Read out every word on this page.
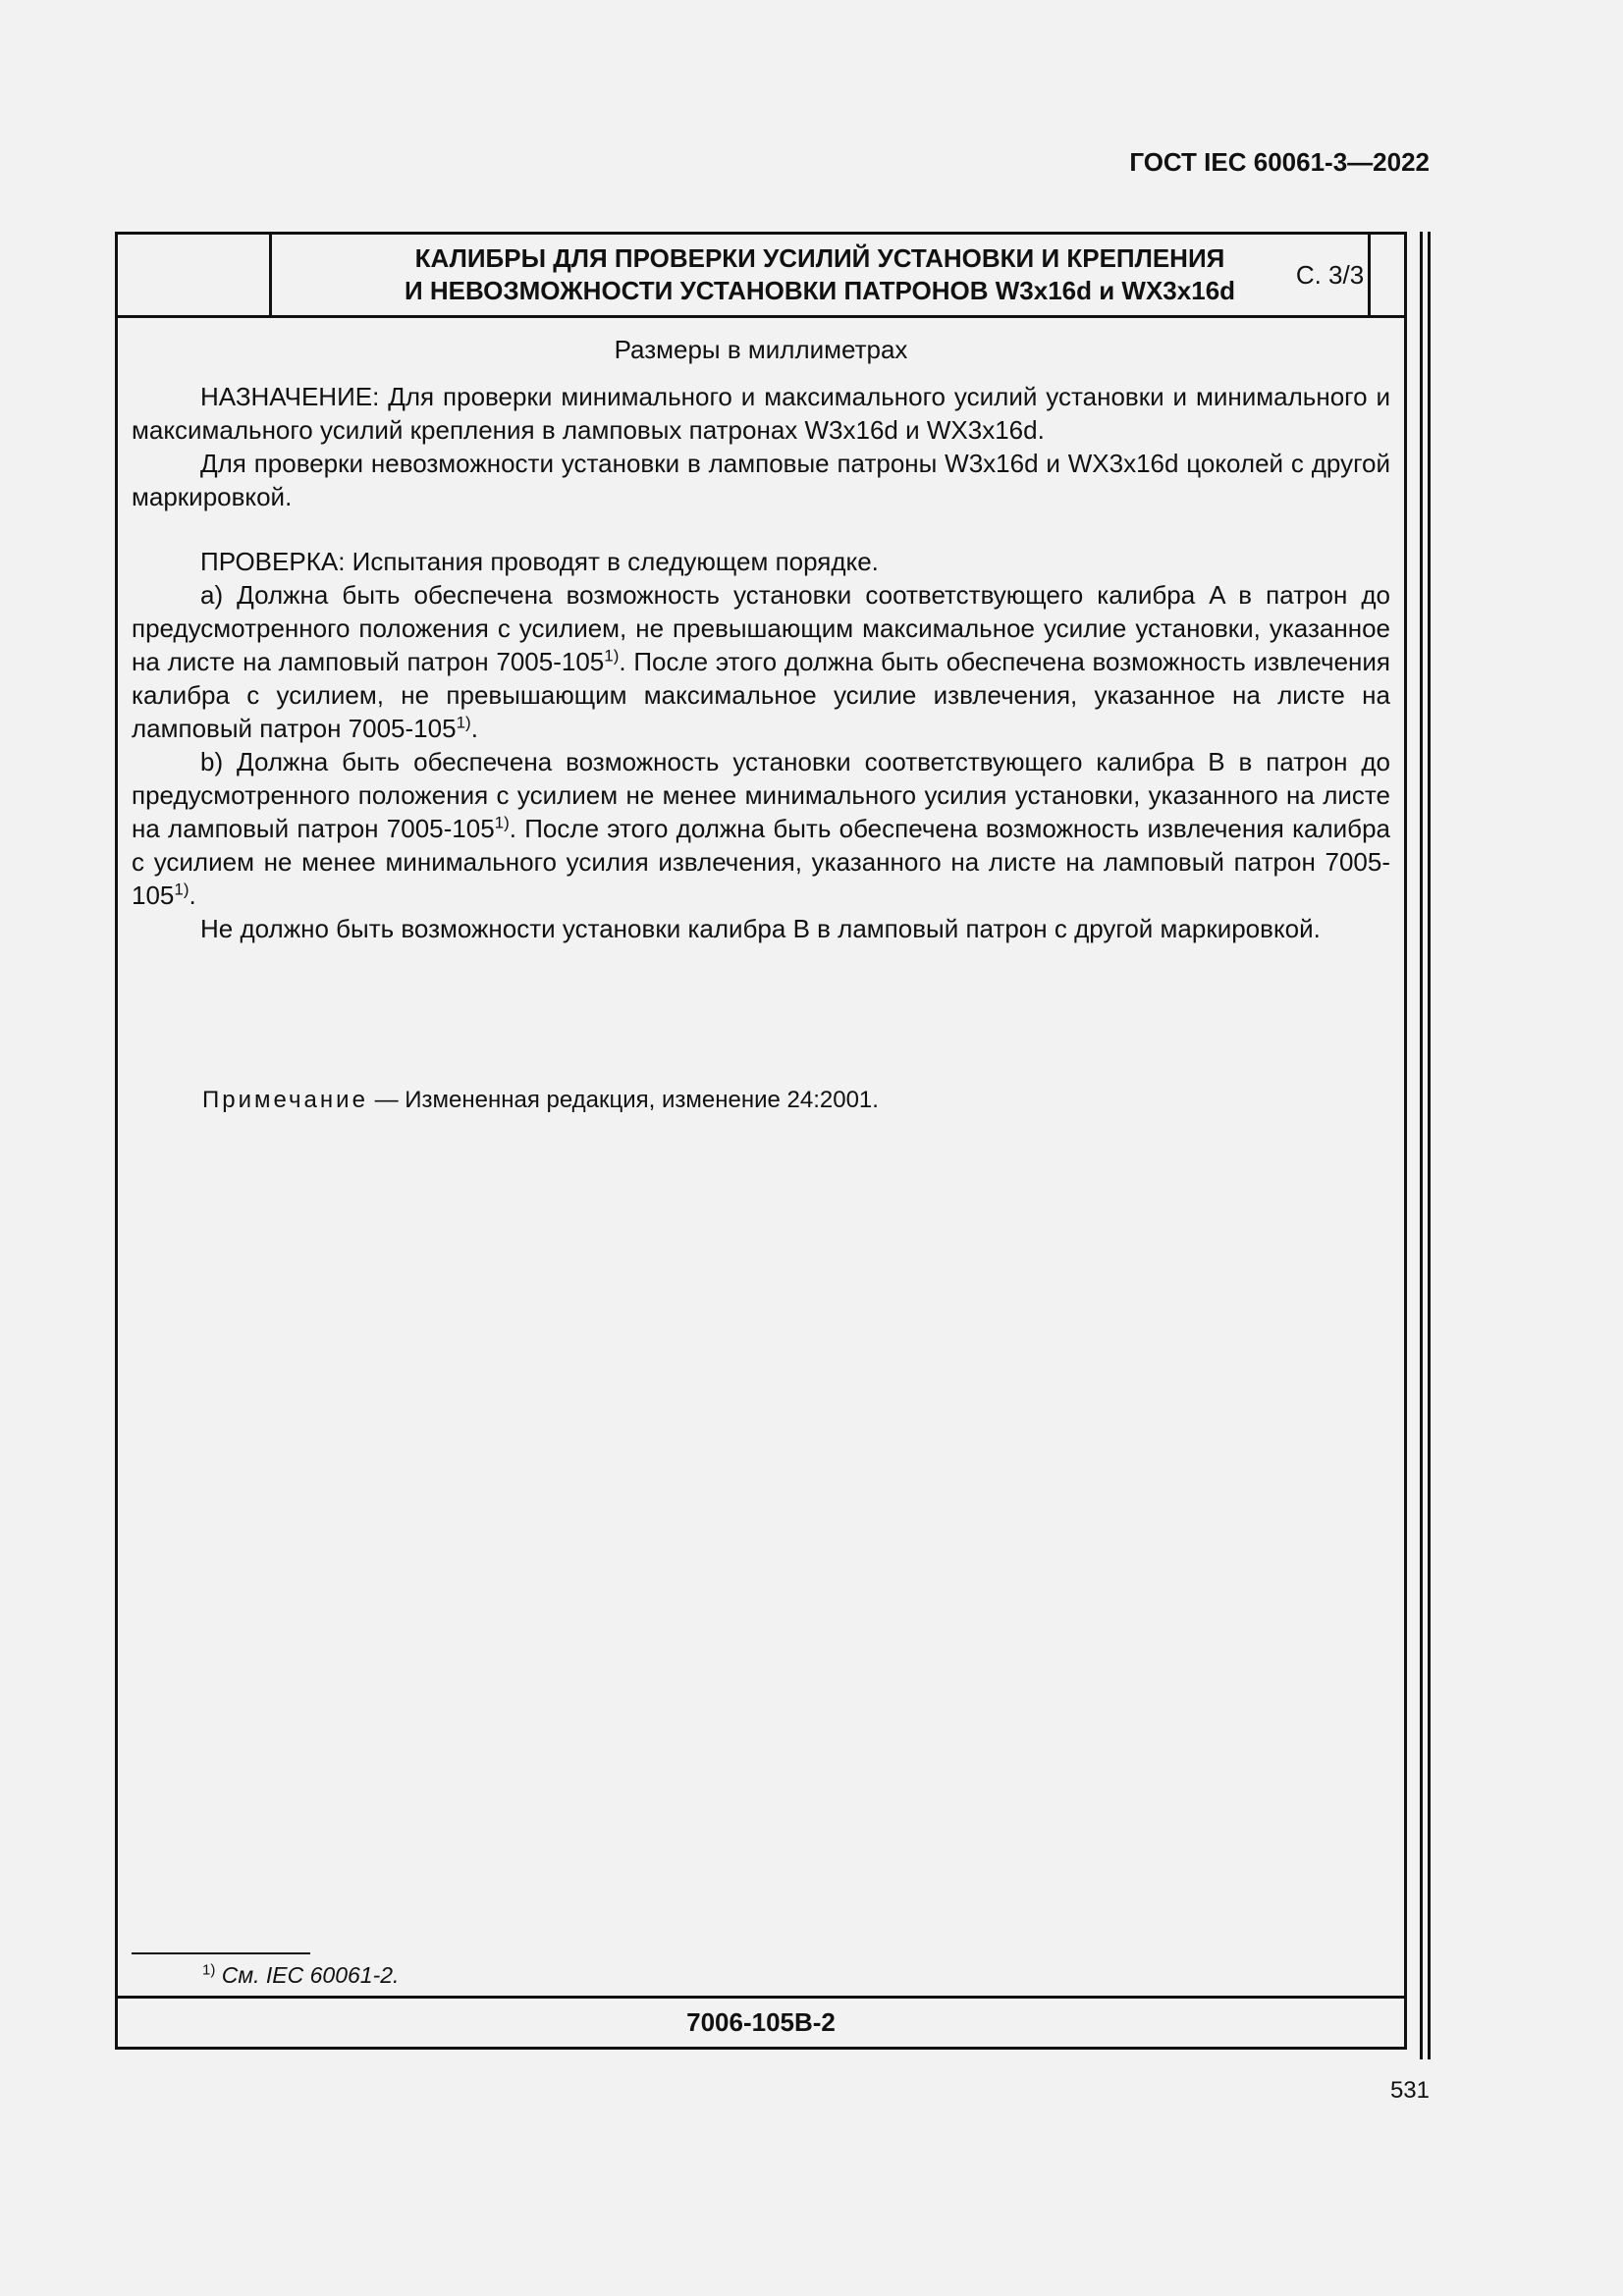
ГОСТ IEC 60061-3—2022
КАЛИБРЫ ДЛЯ ПРОВЕРКИ УСИЛИЙ УСТАНОВКИ И КРЕПЛЕНИЯ
И НЕВОЗМОЖНОСТИ УСТАНОВКИ ПАТРОНОВ W3x16d и WX3x16d
С. 3/3

Размеры в миллиметрах

НАЗНАЧЕНИЕ: Для проверки минимального и максимального усилий установки и минимального и максимального усилий крепления в ламповых патронах W3x16d и WX3x16d.

Для проверки невозможности установки в ламповые патроны W3x16d и WX3x16d цоколей с другой маркировкой.

ПРОВЕРКА: Испытания проводят в следующем порядке.

а) Должна быть обеспечена возможность установки соответствующего калибра A в патрон до предусмотренного положения с усилием, не превышающим максимальное усилие установки, указанное на листе на ламповый патрон 7005-105$^{1)}$. После этого должна быть обеспечена возможность извлечения калибра с усилием, не превышающим максимальное усилие извлечения, указанное на листе на ламповый патрон 7005-105$^{1)}$.

b) Должна быть обеспечена возможность установки соответствующего калибра B в патрон до предусмотренного положения с усилием не менее минимального усилия установки, указанного на листе на ламповый патрон 7005-105$^{1)}$. После этого должна быть обеспечена возможность извлечения калибра с усилием не менее минимального усилия извлечения, указанного на листе на ламповый патрон 7005-105$^{1)}$.

Не должно быть возможности установки калибра B в ламповый патрон с другой маркировкой.

Примечание — Измененная редакция, изменение 24:2001.
$^{1)}$ См. IEC 60061-2.
7006-105B-2
531
